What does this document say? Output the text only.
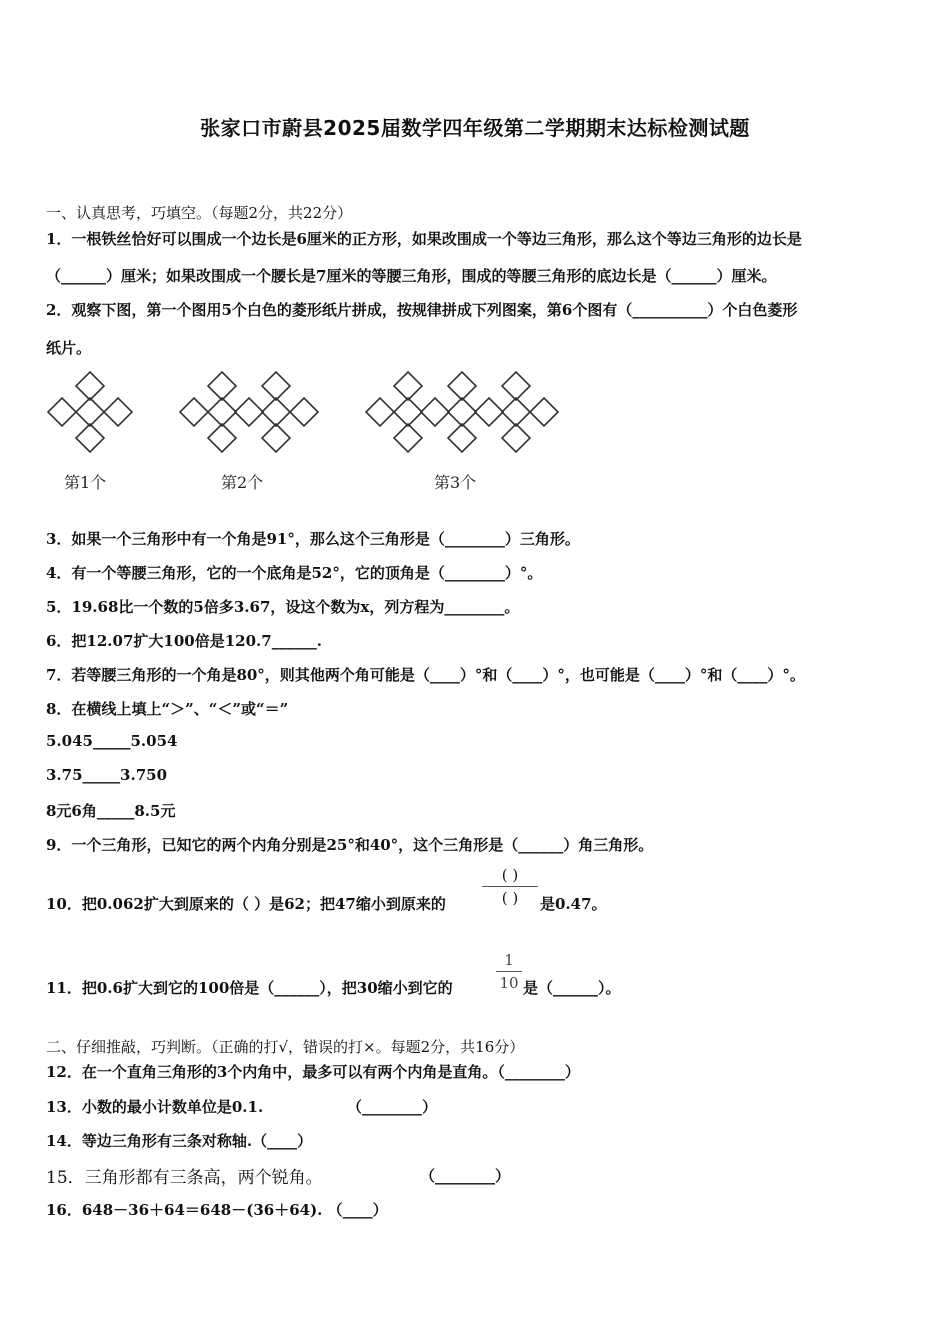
张家口市蔚县2025届数学四年级第二学期期末达标检测试题
一、认真思考，巧填空。（每题2分，共22分）
1．一根铁丝恰好可以围成一个边长是6厘米的正方形，如果改围成一个等边三角形，那么这个等边三角形的边长是
（______）厘米；如果改围成一个腰长是7厘米的等腰三角形，围成的等腰三角形的底边长是（______）厘米。
2．观察下图，第一个图用5个白色的菱形纸片拼成，按规律拼成下列图案，第6个图有（__________）个白色菱形
纸片。
第1个	第2个	第3个
3．如果一个三角形中有一个角是91°，那么这个三角形是（________）三角形。
4．有一个等腰三角形，它的一个底角是52°，它的顶角是（________）°。
5．19.68比一个数的5倍多3.67，设这个数为x，列方程为________。
6．把12.07扩大100倍是120.7______.
7．若等腰三角形的一个角是80°，则其他两个角可能是（____）°和（____）°，也可能是（____）°和（____）°。
8．在横线上填上“＞”、“＜”或“＝”
5.045_____5.054
3.75_____3.750
8元6角_____8.5元
9．一个三角形，已知它的两个内角分别是25°和40°，这个三角形是（______）角三角形。
10．把0.062扩大到原来的（ ）是62；把47缩小到原来的
( )
( )	是0.47。
11．把0.6扩大到它的100倍是（______），把30缩小到它的
1
10 是（______）。
二、仔细推敲，巧判断。（正确的打√，错误的打×。每题2分，共16分）
12．在一个直角三角形的3个内角中，最多可以有两个内角是直角。（________）
13．小数的最小计数单位是0.1.	（________）
14．等边三角形有三条对称轴.（____）
15．三角形都有三条高，两个锐角。	（________）
16．648－36＋64＝648－(36＋64). （____）
